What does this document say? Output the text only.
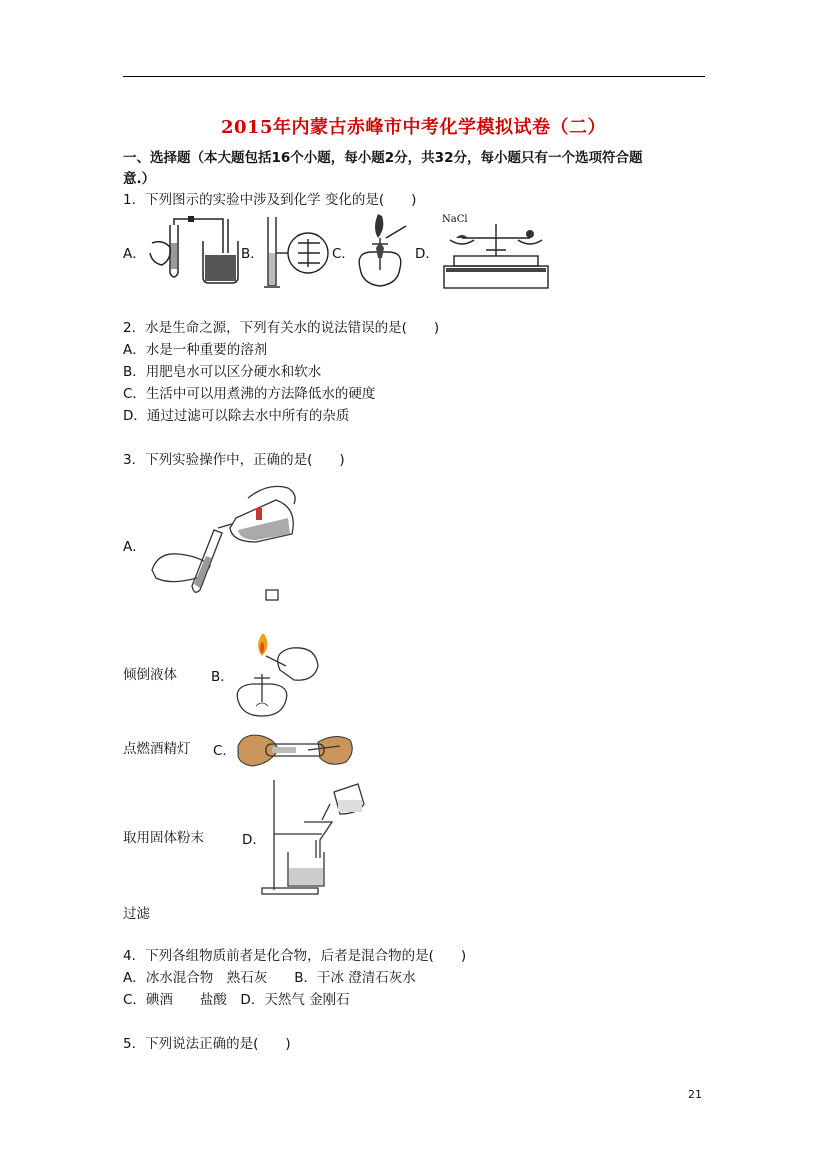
2015年内蒙古赤峰市中考化学模拟试卷（二）
一、选择题（本大题包括16个小题，每小题2分，共32分，每小题只有一个选项符合题
意.）
1．下列图示的实验中涉及到化学 变化的是(　　)
A．	B．	C．	D．
NaCl
2．水是生命之源，下列有关水的说法错误的是(　　)
A．水是一种重要的溶剂
B．用肥皂水可以区分硬水和软水
C．生活中可以用煮沸的方法降低水的硬度
D．通过过滤可以除去水中所有的杂质
3．下列实验操作中，正确的是(　　)
A．
倾倒液体	B．
点燃酒精灯 C．
取用固体粉末	D．
过滤
4．下列各组物质前者是化合物，后者是混合物的是(　　)
A．冰水混合物　熟石灰　　B．干冰 澄清石灰水
C．碘酒　　盐酸　D．天然气 金刚石
5．下列说法正确的是(　　)
21
